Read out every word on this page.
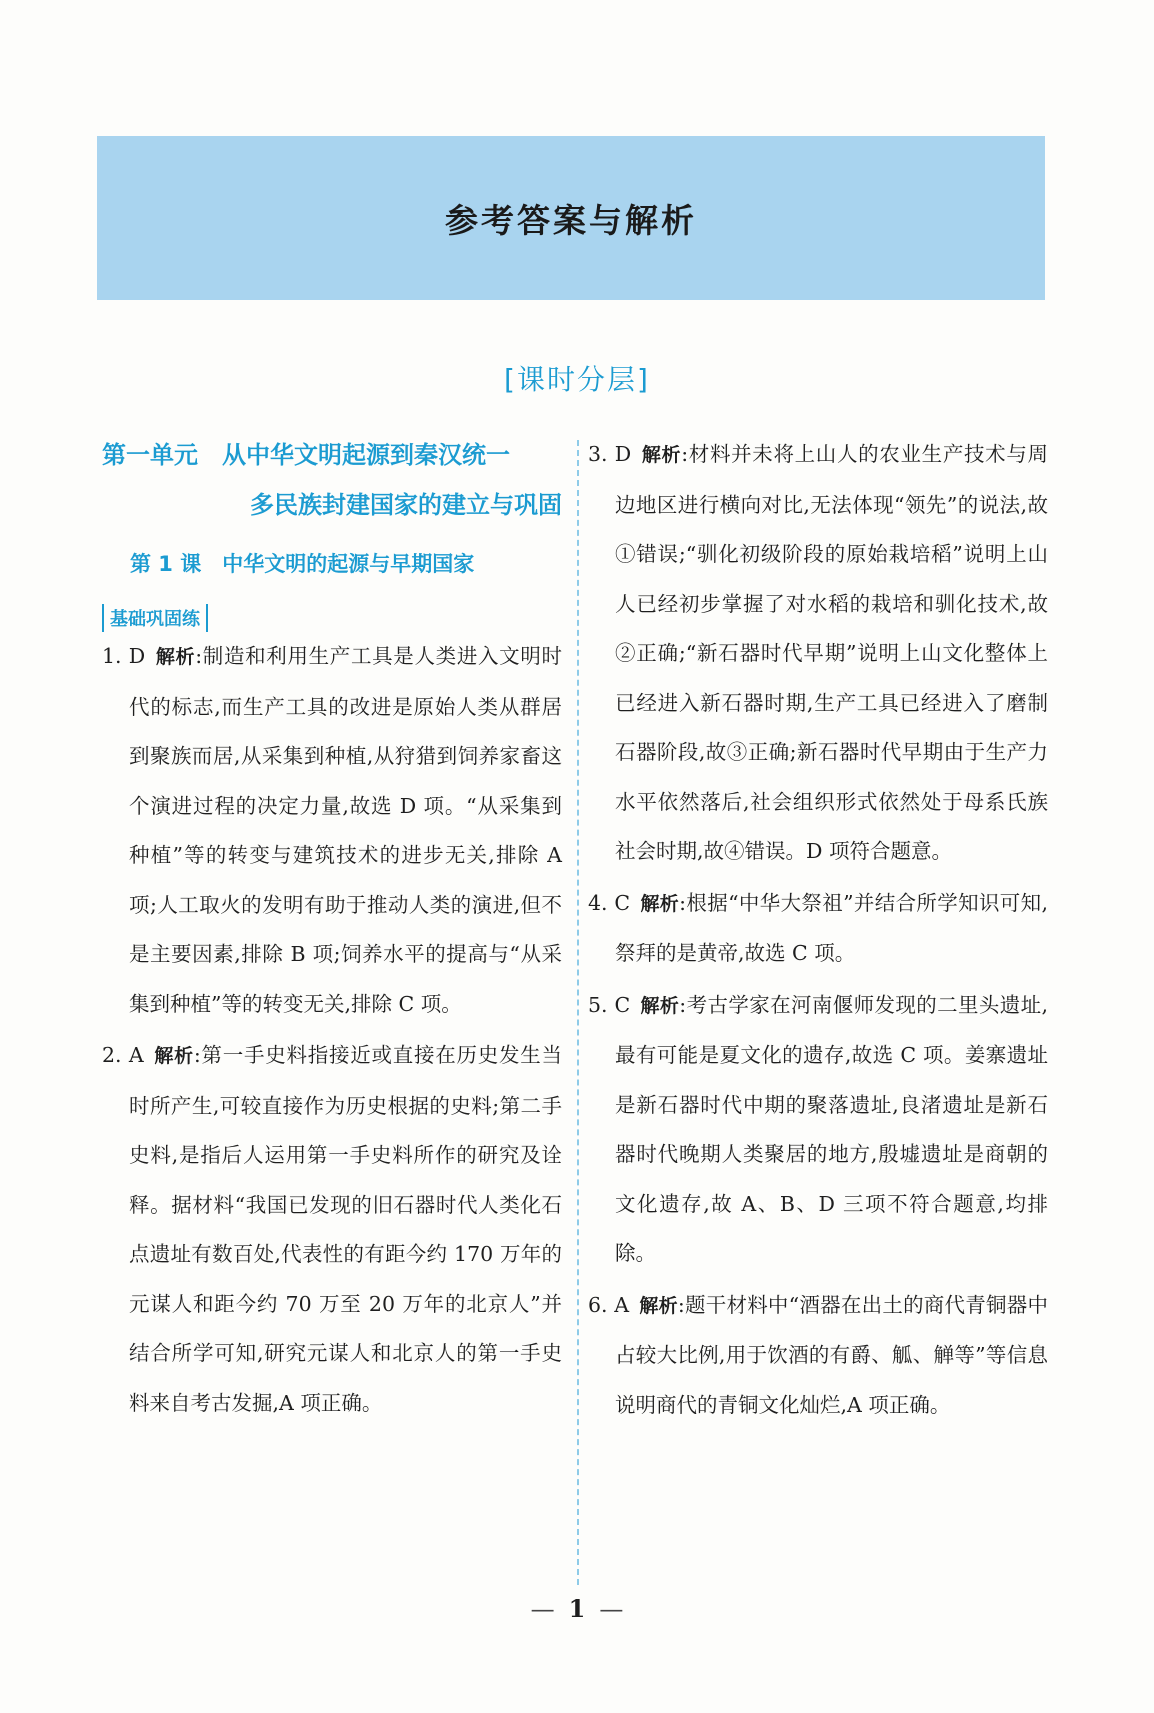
参考答案与解析
[课时分层]
第一单元　从中华文明起源到秦汉统一
多民族封建国家的建立与巩固
第 1 课　中华文明的起源与早期国家
基础巩固练
1. D 解析:制造和利用生产工具是人类进入文明时代的标志,而生产工具的改进是原始人类从群居到聚族而居,从采集到种植,从狩猎到饲养家畜这个演进过程的决定力量,故选 D 项。“从采集到种植”等的转变与建筑技术的进步无关,排除 A 项;人工取火的发明有助于推动人类的演进,但不是主要因素,排除 B 项;饲养水平的提高与“从采集到种植”等的转变无关,排除 C 项。
2. A 解析:第一手史料指接近或直接在历史发生当时所产生,可较直接作为历史根据的史料;第二手史料,是指后人运用第一手史料所作的研究及诠释。据材料“我国已发现的旧石器时代人类化石点遗址有数百处,代表性的有距今约 170 万年的元谋人和距今约 70 万至 20 万年的北京人”并结合所学可知,研究元谋人和北京人的第一手史料来自考古发掘,A 项正确。
3. D 解析:材料并未将上山人的农业生产技术与周边地区进行横向对比,无法体现“领先”的说法,故①错误;“驯化初级阶段的原始栽培稻”说明上山人已经初步掌握了对水稻的栽培和驯化技术,故②正确;“新石器时代早期”说明上山文化整体上已经进入新石器时期,生产工具已经进入了磨制石器阶段,故③正确;新石器时代早期由于生产力水平依然落后,社会组织形式依然处于母系氏族社会时期,故④错误。D 项符合题意。
4. C 解析:根据“中华大祭祖”并结合所学知识可知,祭拜的是黄帝,故选 C 项。
5. C 解析:考古学家在河南偃师发现的二里头遗址,最有可能是夏文化的遗存,故选 C 项。姜寨遗址是新石器时代中期的聚落遗址,良渚遗址是新石器时代晚期人类聚居的地方,殷墟遗址是商朝的文化遗存,故 A、B、D 三项不符合题意,均排除。
6. A 解析:题干材料中“酒器在出土的商代青铜器中占较大比例,用于饮酒的有爵、觚、觯等”等信息说明商代的青铜文化灿烂,A 项正确。
— 1 —
